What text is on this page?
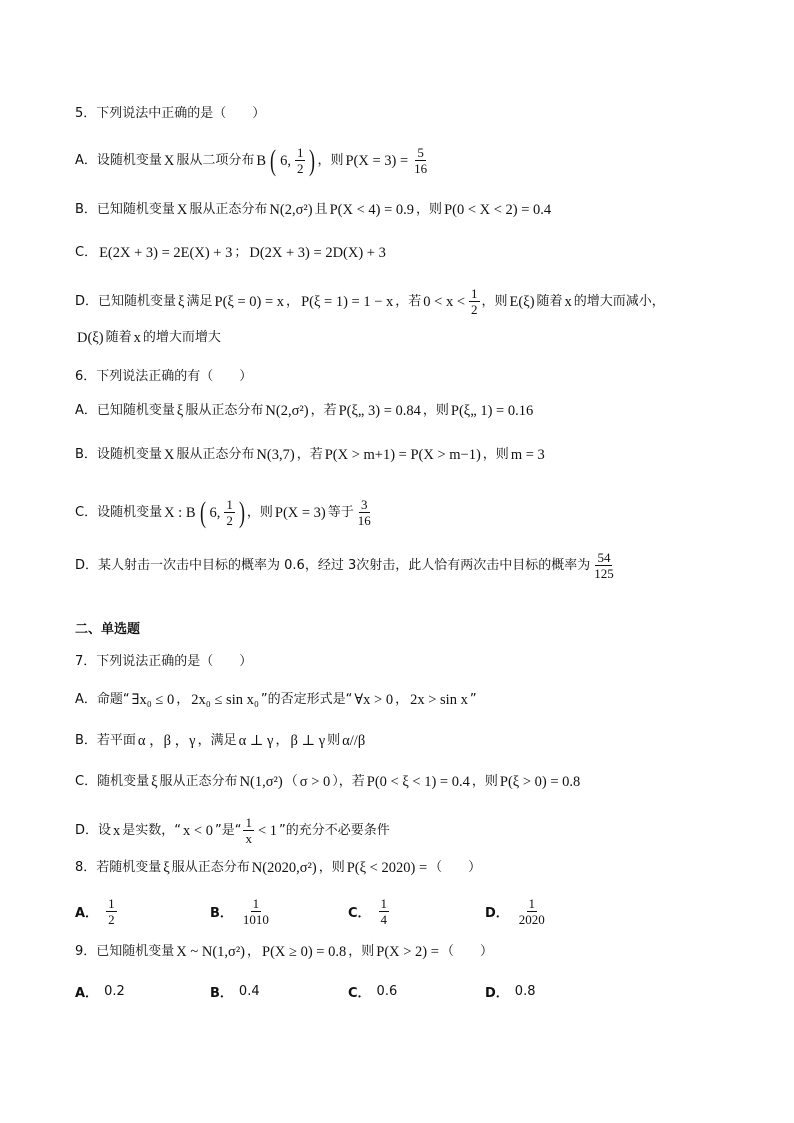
5．下列说法中正确的是（　　）
A．设随机变量 X 服从二项分布 B ( 6, $\frac{1}{2}$ ) ，则 $P(X = 3) = \frac{5}{16}$
B．已知随机变量 X 服从正态分布 N(2,σ²) 且 P(X < 4) = 0.9 ，则 P(0 < X < 2) = 0.4
C． E(2X + 3) = 2E(X) + 3 ； D(2X + 3) = 2D(X) + 3
D．已知随机变量 ξ 满足 P(ξ = 0) = x ， P(ξ = 1) = 1 − x ，若 $0 < x < \frac{1}{2}$ ，则 E(ξ) 随着 x 的增大而减小，
D(ξ) 随着 x 的增大而增大
6．下列说法正确的有（　　）
A．已知随机变量 ξ 服从正态分布 N(2,σ²) ，若 P(ξ„ 3) = 0.84 ，则 P(ξ„ 1) = 0.16
B．设随机变量 X 服从正态分布 N(3,7) ，若 P(X > m+1) = P(X > m−1) ，则 m = 3
C．设随机变量 X : B ( 6, $\frac{1}{2}$ ) ，则 P(X = 3) 等于 $\frac{3}{16}$
D．某人射击一次击中目标的概率为 0.6，经过 3次射击，此人恰有两次击中目标的概率为 $\frac{54}{125}$
二、单选题
7．下列说法正确的是（　　）
A．命题“ ∃x₀ ≤ 0 ， 2x₀ ≤ sin x₀ ”的否定形式是“ ∀x > 0 ， 2x > sin x ”
B．若平面 α ，β ，γ ，满足 α ⊥ γ ， β ⊥ γ 则 α//β
C．随机变量 ξ 服从正态分布 N(1,σ²) （ σ > 0 ），若 P(0 < ξ < 1) = 0.4 ，则 P(ξ > 0) = 0.8
D．设 x 是实数，“ x < 0 ”是“ $\frac{1}{x} < 1$ ”的充分不必要条件
8．若随机变量 ξ 服从正态分布 N(2020,σ²) ，则 P(ξ < 2020) = （　　）
A． $\frac{1}{2}$	B． $\frac{1}{1010}$	C． $\frac{1}{4}$	D． $\frac{1}{2020}$
9．已知随机变量 X ~ N(1,σ²) ， P(X ≥ 0) = 0.8 ，则 P(X > 2) = （　　）
A． 0.2	B． 0.4	C． 0.6	D． 0.8
